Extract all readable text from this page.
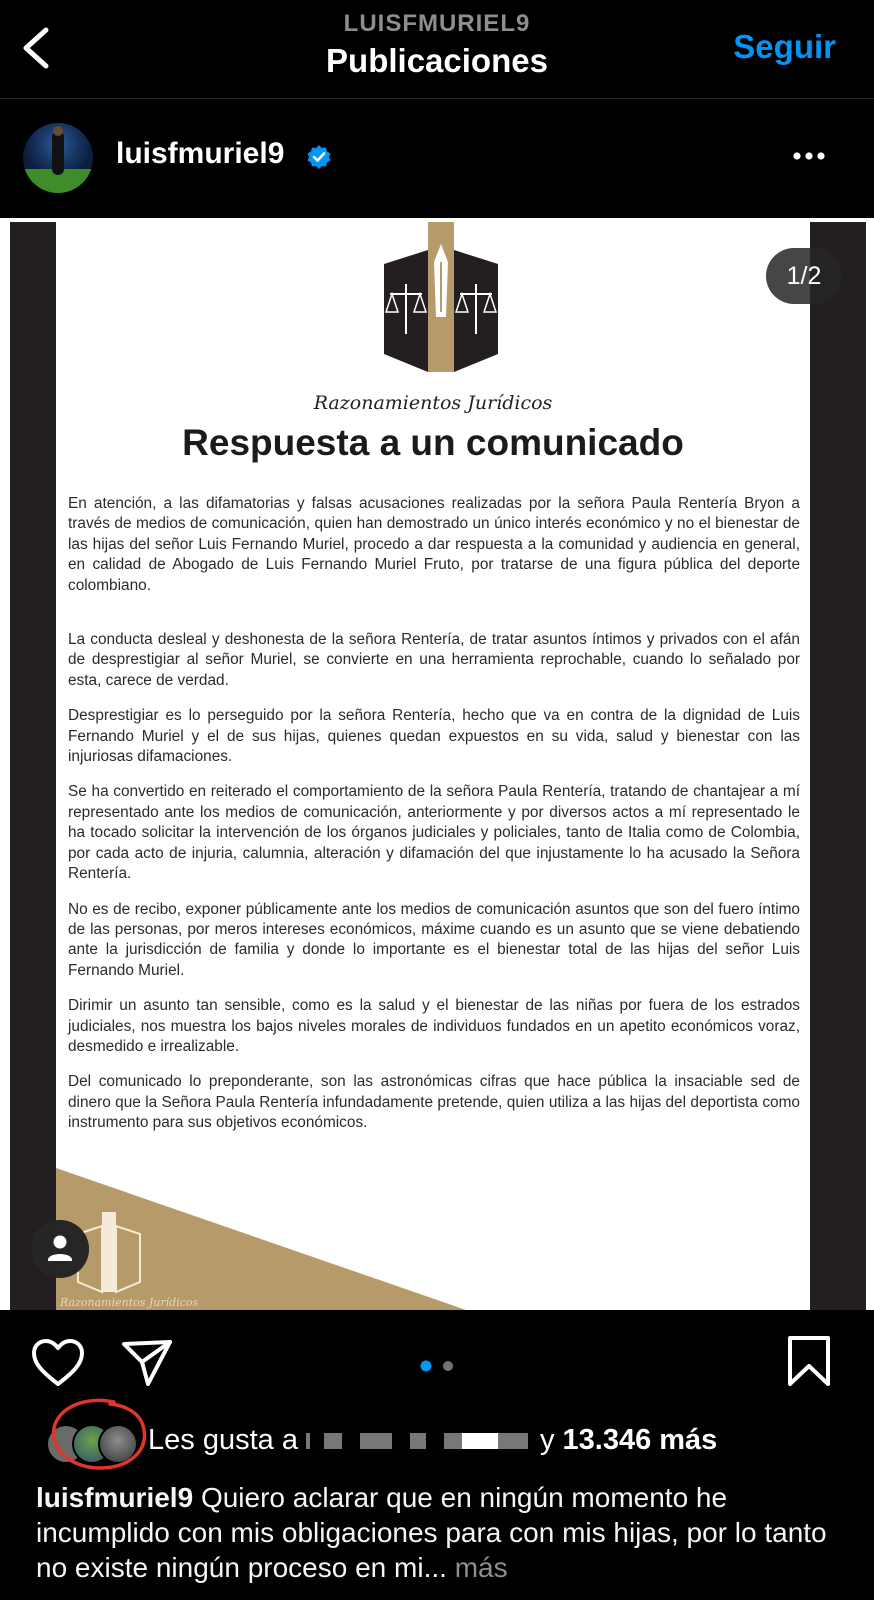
LUISFMURIEL9
Publicaciones	Seguir
luisfmuriel9
Razonamientos Jurídicos
Respuesta a un comunicado

En atención, a las difamatorias y falsas acusaciones realizadas por la señora Paula Rentería Bryon a través de medios de comunicación, quien han demostrado un único interés económico y no el bienestar de las hijas del señor Luis Fernando Muriel, procedo a dar respuesta a la comunidad y audiencia en general, en calidad de Abogado de Luis Fernando Muriel Fruto, por tratarse de una figura pública del deporte colombiano.

La conducta desleal y deshonesta de la señora Rentería, de tratar asuntos íntimos y privados con el afán de desprestigiar al señor Muriel, se convierte en una herramienta reprochable, cuando lo señalado por esta, carece de verdad.

Desprestigiar es lo perseguido por la señora Rentería, hecho que va en contra de la dignidad de Luis Fernando Muriel y el de sus hijas, quienes quedan expuestos en su vida, salud y bienestar con las injuriosas difamaciones.

Se ha convertido en reiterado el comportamiento de la señora Paula Rentería, tratando de chantajear a mí representado ante los medios de comunicación, anteriormente y por diversos actos a mí representado le ha tocado solicitar la intervención de los órganos judiciales y policiales, tanto de Italia como de Colombia, por cada acto de injuria, calumnia, alteración y difamación del que injustamente lo ha acusado la Señora Rentería.

No es de recibo, exponer públicamente ante los medios de comunicación asuntos que son del fuero íntimo de las personas, por meros intereses económicos, máxime cuando es un asunto que se viene debatiendo ante la jurisdicción de familia y donde lo importante es el bienestar total de las hijas del señor Luis Fernando Muriel.

Dirimir un asunto tan sensible, como es la salud y el bienestar de las niñas por fuera de los estrados judiciales, nos muestra los bajos niveles morales de individuos fundados en un apetito económicos voraz, desmedido e irrealizable.

Del comunicado lo preponderante, son las astronómicas cifras que hace pública la insaciable sed de dinero que la Señora Paula Rentería infundadamente pretende, quien utiliza a las hijas del deportista como instrumento para sus objetivos económicos.

Razonamientos Jurídicos
1/2
Les gusta a	y 13.346 más
luisfmuriel9 Quiero aclarar que en ningún momento he incumplido con mis obligaciones para con mis hijas, por lo tanto no existe ningún proceso en mi... más
